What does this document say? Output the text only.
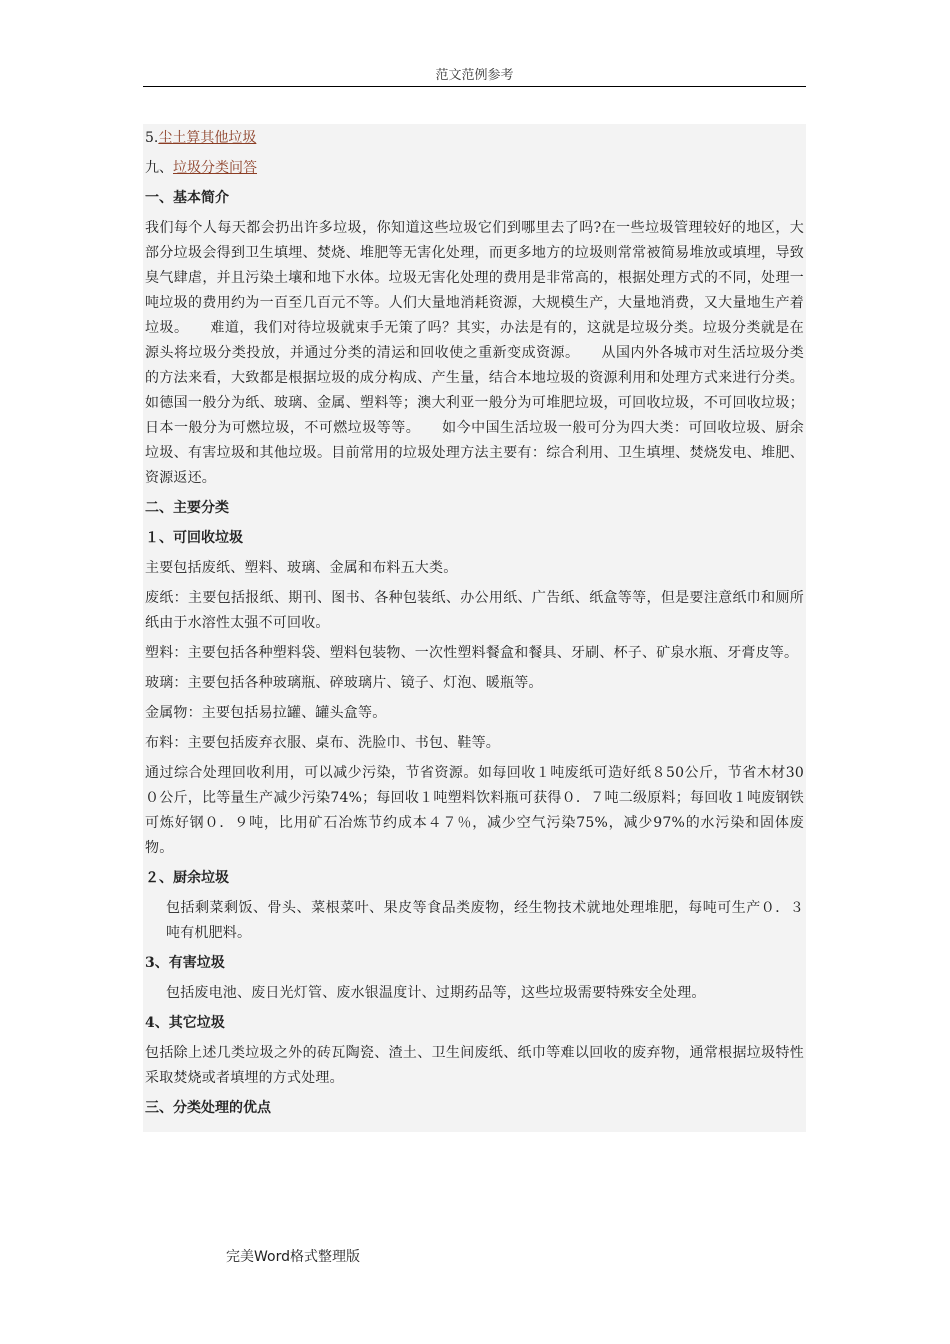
范文范例参考

5.尘土算其他垃圾

九、垃圾分类问答

一、基本简介

我们每个人每天都会扔出许多垃圾，你知道这些垃圾它们到哪里去了吗?在一些垃圾管理较好的地区，大部分垃圾会得到卫生填埋、焚烧、堆肥等无害化处理，而更多地方的垃圾则常常被简易堆放或填埋，导致臭气肆虐，并且污染土壤和地下水体。垃圾无害化处理的费用是非常高的，根据处理方式的不同，处理一吨垃圾的费用约为一百至几百元不等。人们大量地消耗资源，大规模生产，大量地消费，又大量地生产着垃圾。　　难道，我们对待垃圾就束手无策了吗？其实，办法是有的，这就是垃圾分类。垃圾分类就是在源头将垃圾分类投放，并通过分类的清运和回收使之重新变成资源。　　从国内外各城市对生活垃圾分类的方法来看，大致都是根据垃圾的成分构成、产生量，结合本地垃圾的资源利用和处理方式来进行分类。如德国一般分为纸、玻璃、金属、塑料等；澳大利亚一般分为可堆肥垃圾，可回收垃圾，不可回收垃圾；日本一般分为可燃垃圾，不可燃垃圾等等。　　如今中国生活垃圾一般可分为四大类：可回收垃圾、厨余垃圾、有害垃圾和其他垃圾。目前常用的垃圾处理方法主要有：综合利用、卫生填埋、焚烧发电、堆肥、资源返还。

二、主要分类

１、可回收垃圾

主要包括废纸、塑料、玻璃、金属和布料五大类。

废纸：主要包括报纸、期刊、图书、各种包装纸、办公用纸、广告纸、纸盒等等，但是要注意纸巾和厕所纸由于水溶性太强不可回收。

塑料：主要包括各种塑料袋、塑料包装物、一次性塑料餐盒和餐具、牙刷、杯子、矿泉水瓶、牙膏皮等。

玻璃：主要包括各种玻璃瓶、碎玻璃片、镜子、灯泡、暖瓶等。

金属物：主要包括易拉罐、罐头盒等。

布料：主要包括废弃衣服、桌布、洗脸巾、书包、鞋等。

通过综合处理回收利用，可以减少污染，节省资源。如每回收１吨废纸可造好纸８50公斤，节省木材30０公斤，比等量生产减少污染74%；每回收１吨塑料饮料瓶可获得０．７吨二级原料；每回收１吨废钢铁可炼好钢０．９吨，比用矿石冶炼节约成本４７％，减少空气污染75%，减少97%的水污染和固体废物。

２、厨余垃圾

包括剩菜剩饭、骨头、菜根菜叶、果皮等食品类废物，经生物技术就地处理堆肥，每吨可生产０．３吨有机肥料。

3、有害垃圾

包括废电池、废日光灯管、废水银温度计、过期药品等，这些垃圾需要特殊安全处理。

4、其它垃圾

包括除上述几类垃圾之外的砖瓦陶瓷、渣土、卫生间废纸、纸巾等难以回收的废弃物，通常根据垃圾特性采取焚烧或者填埋的方式处理。

三、分类处理的优点

完美Word格式整理版
